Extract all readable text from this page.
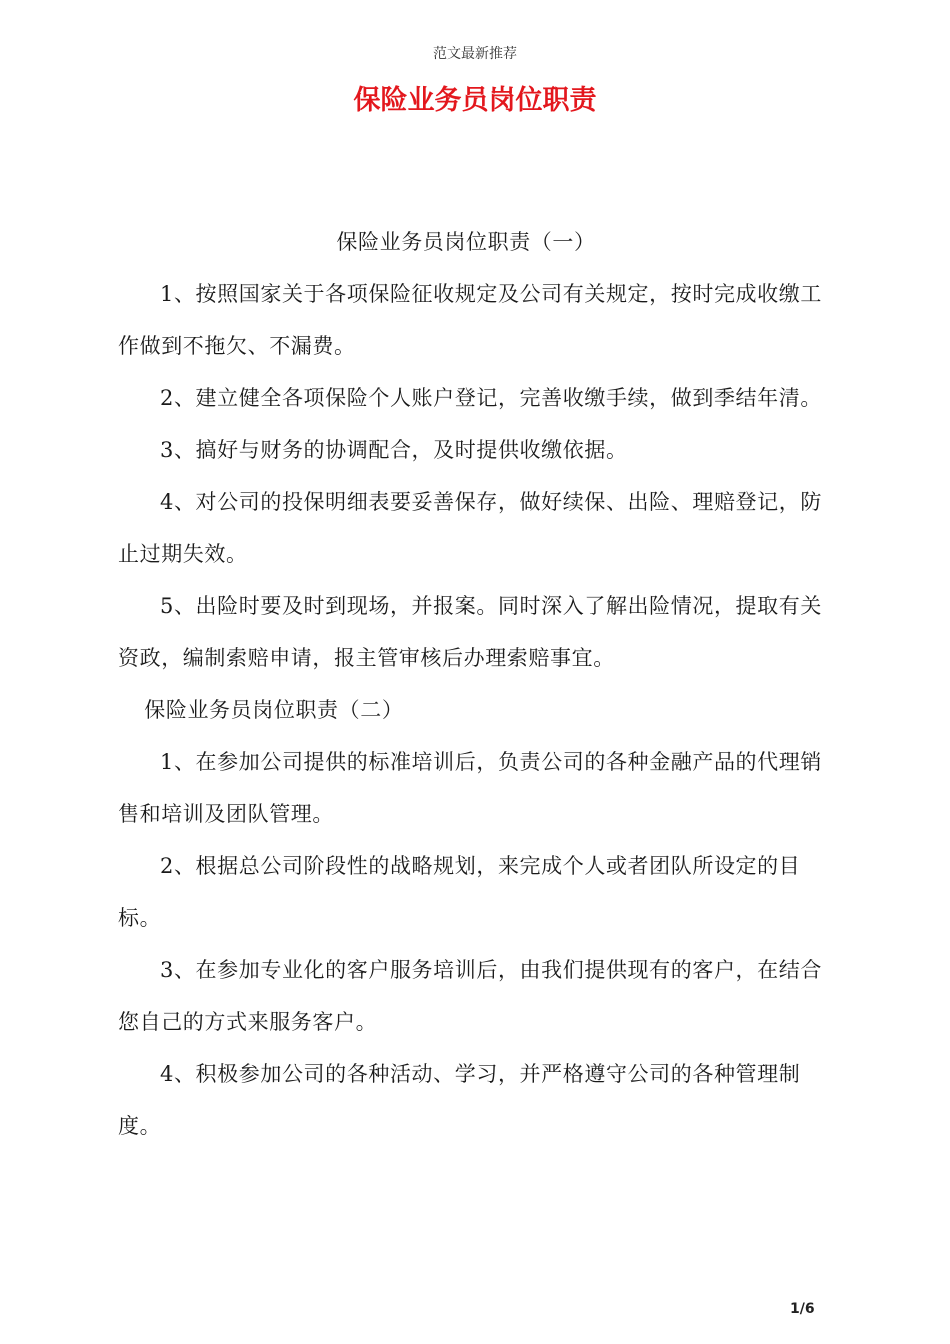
范文最新推荐
保险业务员岗位职责

保险业务员岗位职责（一）

1、按照国家关于各项保险征收规定及公司有关规定，按时完成收缴工作做到不拖欠、不漏费。

2、建立健全各项保险个人账户登记，完善收缴手续，做到季结年清。

3、搞好与财务的协调配合，及时提供收缴依据。

4、对公司的投保明细表要妥善保存，做好续保、出险、理赔登记，防止过期失效。

5、出险时要及时到现场，并报案。同时深入了解出险情况，提取有关资政，编制索赔申请，报主管审核后办理索赔事宜。

保险业务员岗位职责（二）

1、在参加公司提供的标准培训后，负责公司的各种金融产品的代理销售和培训及团队管理。

2、根据总公司阶段性的战略规划，来完成个人或者团队所设定的目标。

3、在参加专业化的客户服务培训后，由我们提供现有的客户，在结合您自己的方式来服务客户。

4、积极参加公司的各种活动、学习，并严格遵守公司的各种管理制度。

1/6
